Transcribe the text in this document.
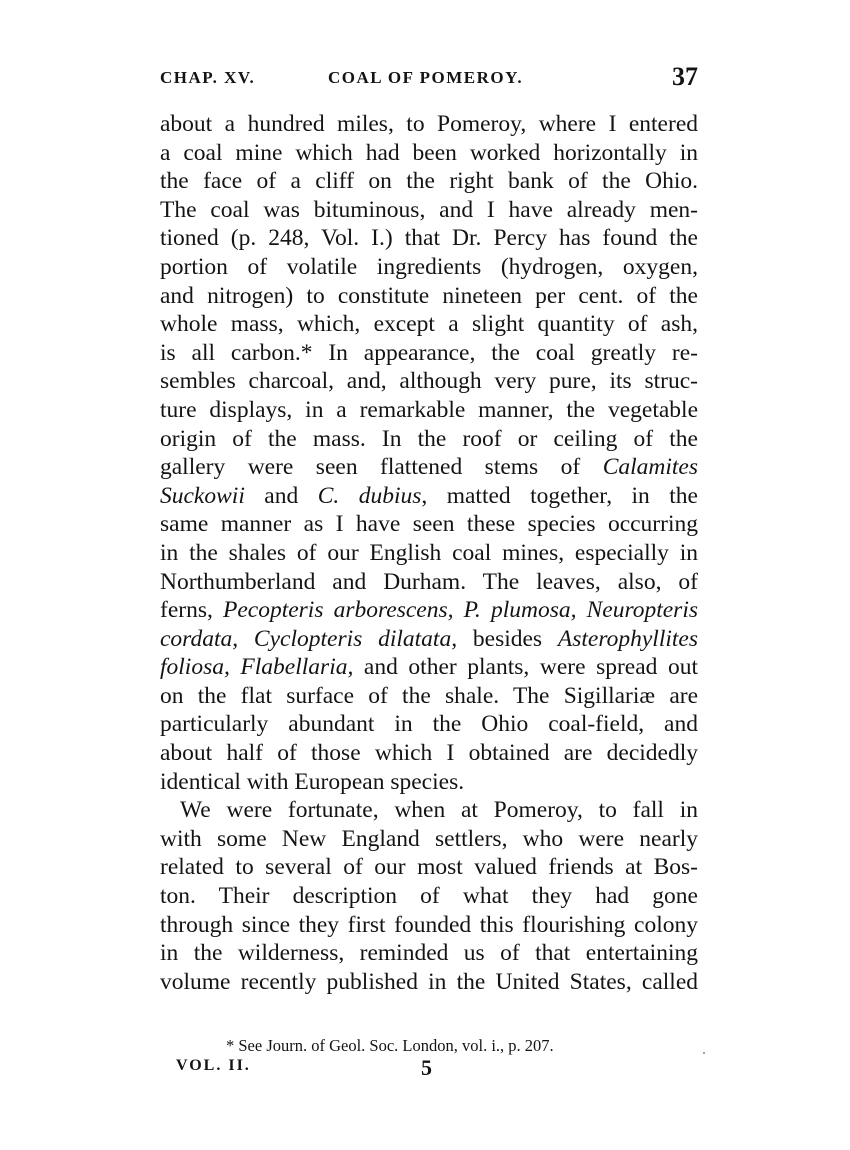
CHAP. XV.	COAL OF POMEROY.	37
about a hundred miles, to Pomeroy, where I entered
a coal mine which had been worked horizontally in
the face of a cliff on the right bank of the Ohio.
The coal was bituminous, and I have already men-
tioned (p. 248, Vol. I.) that Dr. Percy has found the
portion of volatile ingredients (hydrogen, oxygen,
and nitrogen) to constitute nineteen per cent. of the
whole mass, which, except a slight quantity of ash,
is all carbon.* In appearance, the coal greatly re-
sembles charcoal, and, although very pure, its struc-
ture displays, in a remarkable manner, the vegetable
origin of the mass. In the roof or ceiling of the
gallery were seen flattened stems of Calamites
Suckowii and C. dubius, matted together, in the
same manner as I have seen these species occurring
in the shales of our English coal mines, especially in
Northumberland and Durham. The leaves, also, of
ferns, Pecopteris arborescens, P. plumosa, Neuropteris
cordata, Cyclopteris dilatata, besides Asterophyllites
foliosa, Flabellaria, and other plants, were spread out
on the flat surface of the shale. The Sigillariæ are
particularly abundant in the Ohio coal-field, and
about half of those which I obtained are decidedly
identical with European species.
We were fortunate, when at Pomeroy, to fall in
with some New England settlers, who were nearly
related to several of our most valued friends at Bos-
ton. Their description of what they had gone
through since they first founded this flourishing colony
in the wilderness, reminded us of that entertaining
volume recently published in the United States, called
* See Journ. of Geol. Soc. London, vol. i., p. 207.
VOL. II.	5
